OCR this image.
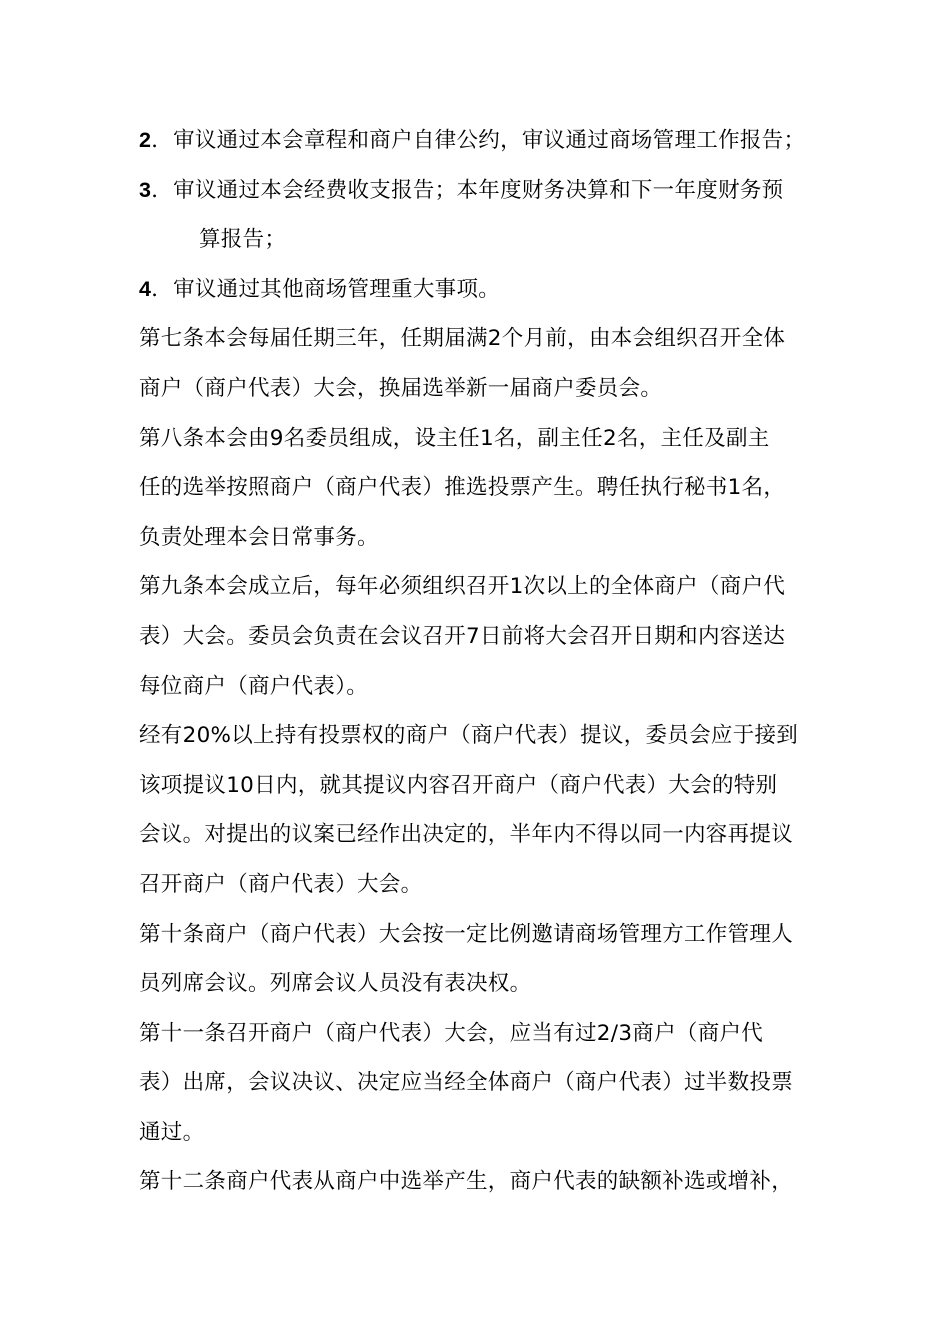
2．审议通过本会章程和商户自律公约，审议通过商场管理工作报告；
3．审议通过本会经费收支报告；本年度财务决算和下一年度财务预
算报告；
4．审议通过其他商场管理重大事项。
第七条本会每届任期三年，任期届满2个月前，由本会组织召开全体
商户（商户代表）大会，换届选举新一届商户委员会。
第八条本会由9名委员组成，设主任1名，副主任2名，主任及副主
任的选举按照商户（商户代表）推选投票产生。聘任执行秘书1名，
负责处理本会日常事务。
第九条本会成立后，每年必须组织召开1次以上的全体商户（商户代
表）大会。委员会负责在会议召开7日前将大会召开日期和内容送达
每位商户（商户代表）。
经有20%以上持有投票权的商户（商户代表）提议，委员会应于接到
该项提议10日内，就其提议内容召开商户（商户代表）大会的特别
会议。对提出的议案已经作出决定的，半年内不得以同一内容再提议
召开商户（商户代表）大会。
第十条商户（商户代表）大会按一定比例邀请商场管理方工作管理人
员列席会议。列席会议人员没有表决权。
第十一条召开商户（商户代表）大会，应当有过2/3商户（商户代
表）出席，会议决议、决定应当经全体商户（商户代表）过半数投票
通过。
第十二条商户代表从商户中选举产生，商户代表的缺额补选或增补，
